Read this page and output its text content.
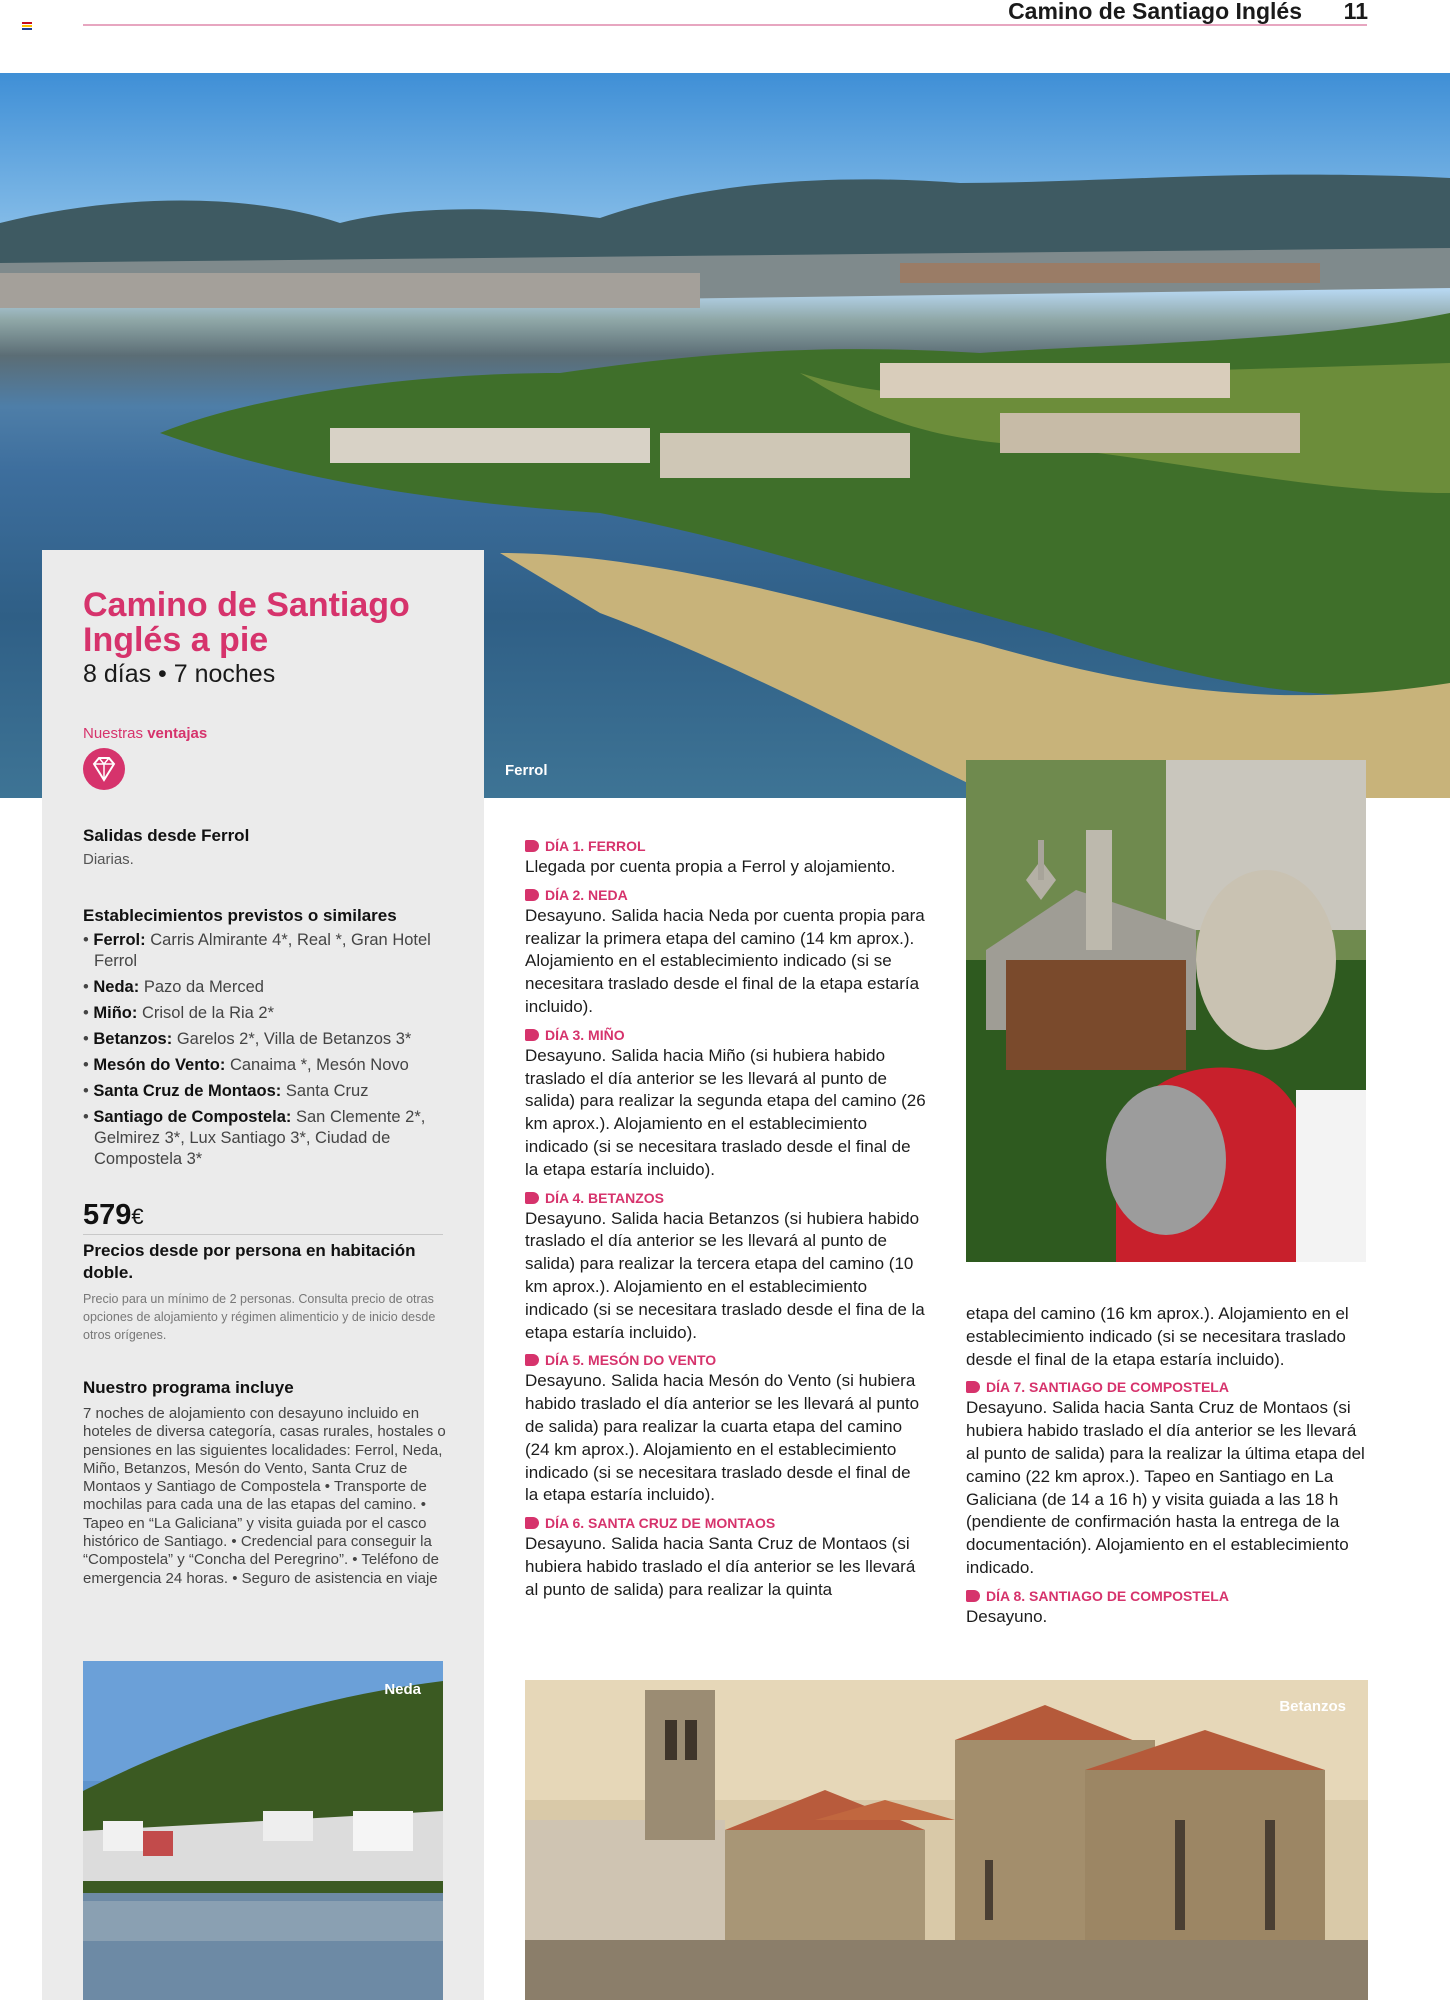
Camino de Santiago Inglés 11
Ferrol
Camino de Santiago Inglés a pie
8 días • 7 noches
Nuestras ventajas
Salidas desde Ferrol
Diarias.
Establecimientos previstos o similares
• Ferrol: Carris Almirante 4*, Real *, Gran Hotel Ferrol
• Neda: Pazo da Merced
• Miño: Crisol de la Ria 2*
• Betanzos: Garelos 2*, Villa de Betanzos 3*
• Mesón do Vento: Canaima *, Mesón Novo
• Santa Cruz de Montaos: Santa Cruz
• Santiago de Compostela: San Clemente 2*, Gelmirez 3*, Lux Santiago 3*, Ciudad de Compostela 3*
579€
Precios desde por persona en habitación doble.
Precio para un mínimo de 2 personas. Consulta precio de otras opciones de alojamiento y régimen alimenticio y de inicio desde otros orígenes.
Nuestro programa incluye
7 noches de alojamiento con desayuno incluido en hoteles de diversa categoría, casas rurales, hostales o pensiones en las siguientes localidades: Ferrol, Neda, Miño, Betanzos, Mesón do Vento, Santa Cruz de Montaos y Santiago de Compostela • Transporte de mochilas para cada una de las etapas del camino. • Tapeo en “La Galiciana” y visita guiada por el casco histórico de Santiago. • Credencial para conseguir la “Compostela” y “Concha del Peregrino”. • Teléfono de emergencia 24 horas. • Seguro de asistencia en viaje
Neda
DÍA 1. FERROL

Llegada por cuenta propia a Ferrol y alojamiento.

DÍA 2. NEDA

Desayuno. Salida hacia Neda por cuenta propia para realizar la primera etapa del camino (14 km aprox.). Alojamiento en el establecimiento indicado (si se necesitara traslado desde el final de la etapa estaría incluido).

DÍA 3. MIÑO

Desayuno. Salida hacia Miño (si hubiera habido traslado el día anterior se les llevará al punto de salida) para realizar la segunda etapa del camino (26 km aprox.). Alojamiento en el establecimiento indicado (si se necesitara traslado desde el final de la etapa estaría incluido).

DÍA 4. BETANZOS

Desayuno. Salida hacia Betanzos (si hubiera habido traslado el día anterior se les llevará al punto de salida) para realizar la tercera etapa del camino (10 km aprox.). Alojamiento en el establecimiento indicado (si se necesitara traslado desde el fina de la etapa estaría incluido).

DÍA 5. MESÓN DO VENTO

Desayuno. Salida hacia Mesón do Vento (si hubiera habido traslado el día anterior se les llevará al punto de salida) para realizar la cuarta etapa del camino (24 km aprox.). Alojamiento en el establecimiento indicado (si se necesitara traslado desde el final de la etapa estaría incluido).

DÍA 6. SANTA CRUZ DE MONTAOS

Desayuno. Salida hacia Santa Cruz de Montaos (si hubiera habido traslado el día anterior se les llevará al punto de salida) para realizar la quinta

etapa del camino (16 km aprox.). Alojamiento en el establecimiento indicado (si se necesitara traslado desde el final de la etapa estaría incluido).

DÍA 7. SANTIAGO DE COMPOSTELA

Desayuno. Salida hacia Santa Cruz de Montaos (si hubiera habido traslado el día anterior se les llevará al punto de salida) para la realizar la última etapa del camino (22 km aprox.). Tapeo en Santiago en La Galiciana (de 14 a 16 h) y visita guiada a las 18 h (pendiente de confirmación hasta la entrega de la documentación). Alojamiento en el establecimiento indicado.

DÍA 8. SANTIAGO DE COMPOSTELA

Desayuno.

Betanzos
